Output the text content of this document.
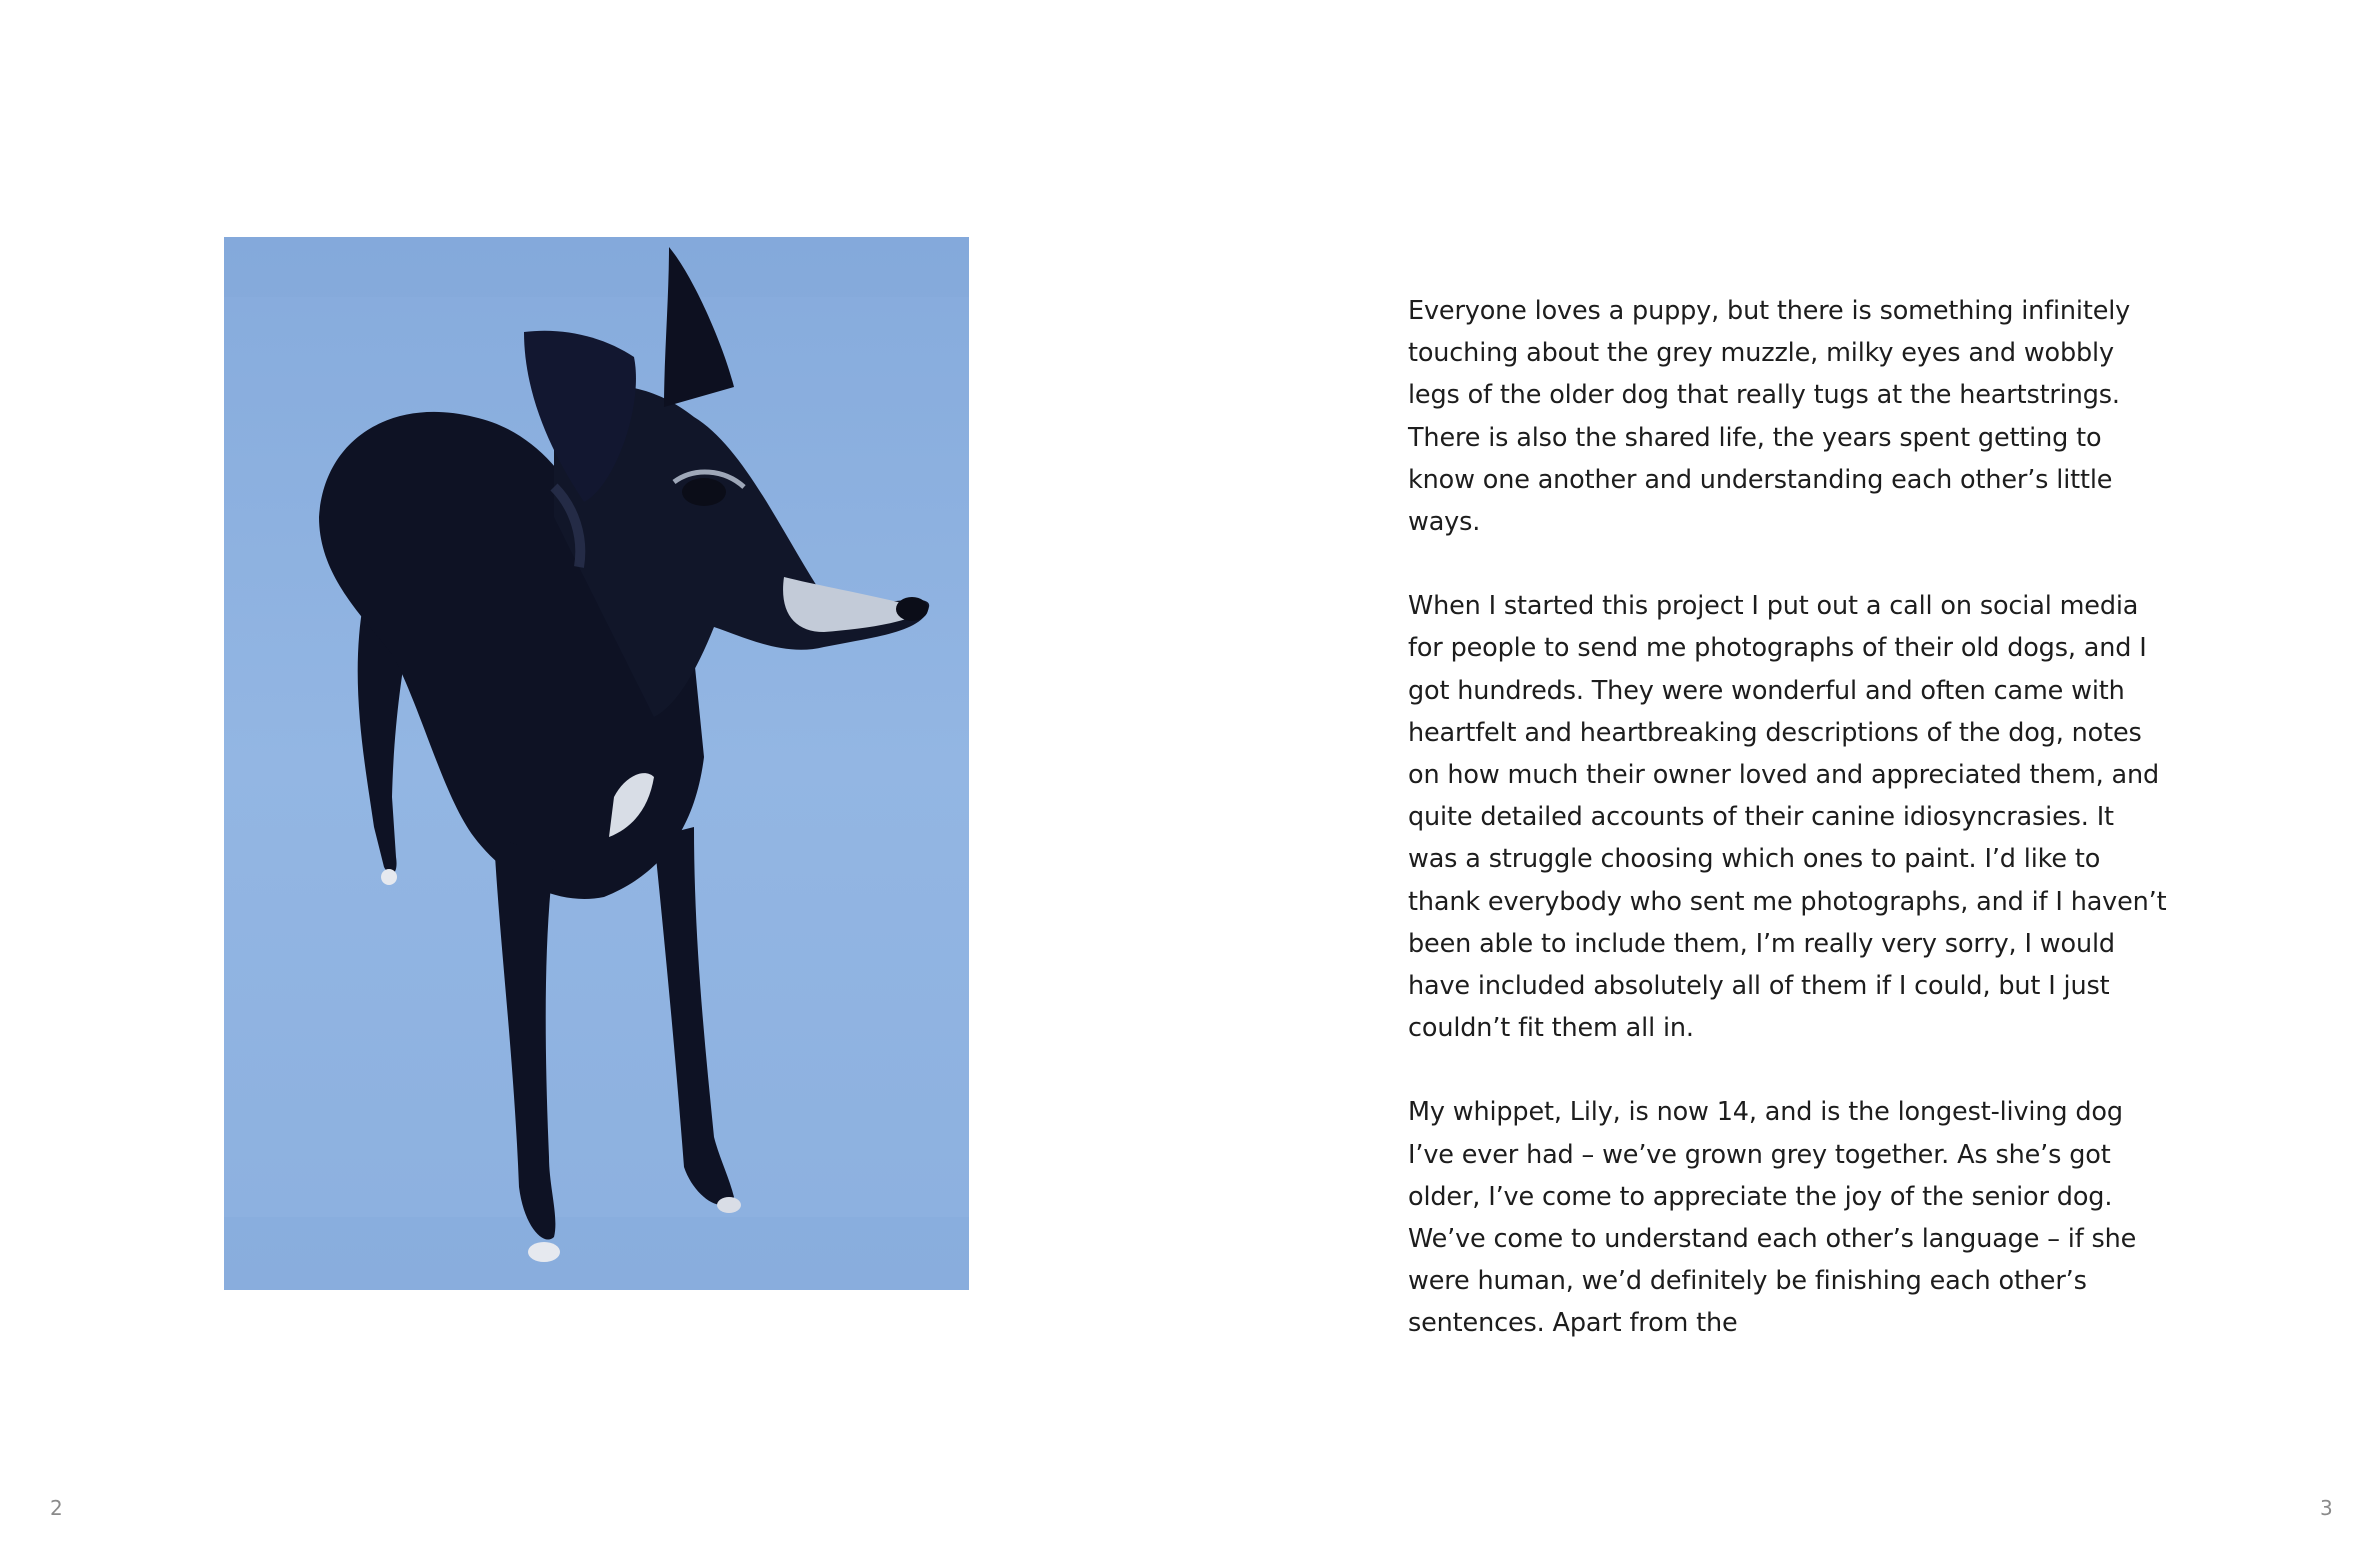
2

Everyone loves a puppy, but there is something infinitely touching about the grey muzzle, milky eyes and wobbly legs of the older dog that really tugs at the heartstrings. There is also the shared life, the years spent getting to know one another and understanding each other’s little ways.

When I started this project I put out a call on social media for people to send me photographs of their old dogs, and I got hundreds. They were wonderful and often came with heartfelt and heartbreaking descriptions of the dog, notes on how much their owner loved and appreciated them, and quite detailed accounts of their canine idiosyncrasies. It was a struggle choosing which ones to paint. I’d like to thank everybody who sent me photographs, and if I haven’t been able to include them, I’m really very sorry, I would have included absolutely all of them if I could, but I just couldn’t fit them all in.

My whippet, Lily, is now 14, and is the longest-living dog I’ve ever had – we’ve grown grey together. As she’s got older, I’ve come to appreciate the joy of the senior dog. We’ve come to understand each other’s language – if she were human, we’d definitely be finishing each other’s sentences. Apart from the

3
